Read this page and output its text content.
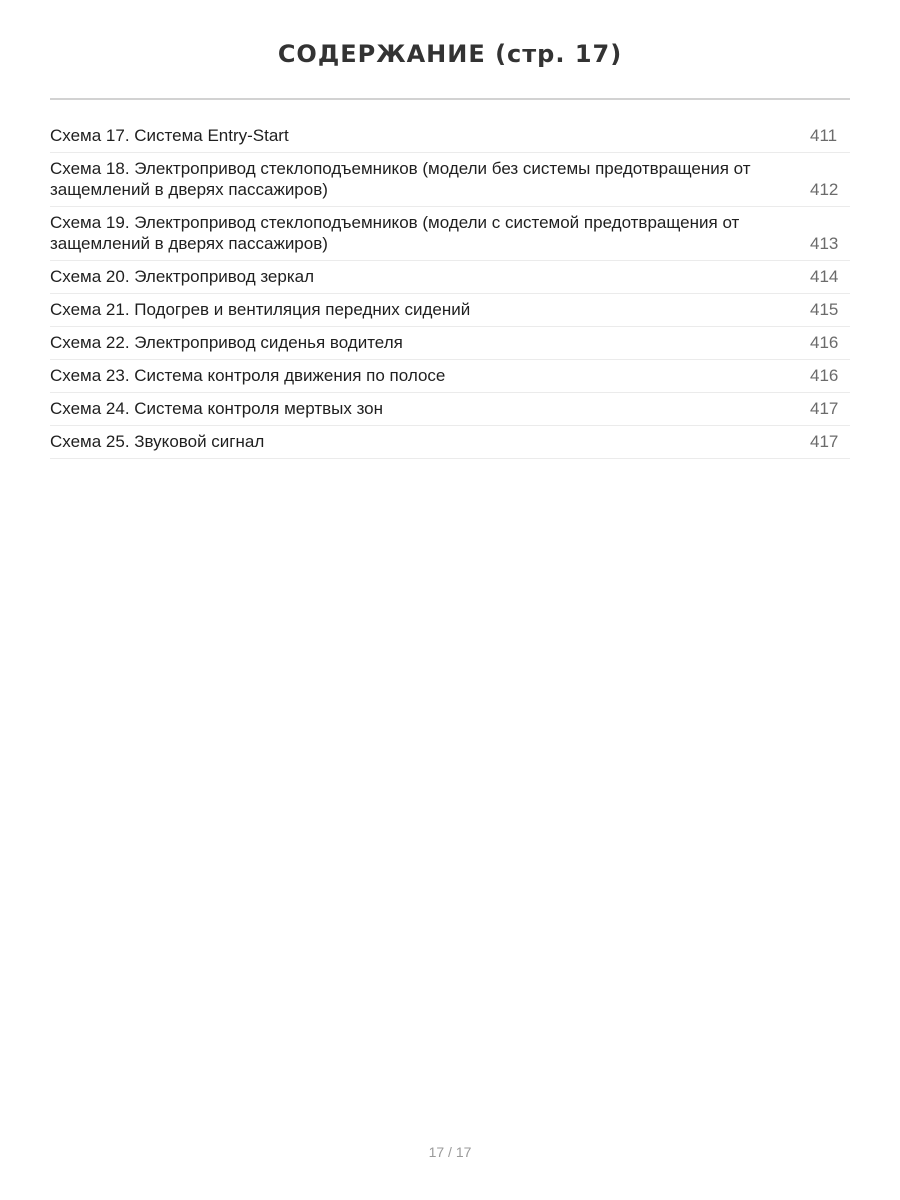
СОДЕРЖАНИЕ (стр. 17)
Схема 17. Система Entry-Start	411
Схема 18. Электропривод стеклоподъемников (модели без системы предотвращения от защемлений в дверях пассажиров)	412
Схема 19. Электропривод стеклоподъемников (модели с системой предотвращения от защемлений в дверях пассажиров)	413
Схема 20. Электропривод зеркал	414
Схема 21. Подогрев и вентиляция передних сидений	415
Схема 22. Электропривод сиденья водителя	416
Схема 23. Система контроля движения по полосе	416
Схема 24. Система контроля мертвых зон	417
Схема 25. Звуковой сигнал	417
17 / 17
